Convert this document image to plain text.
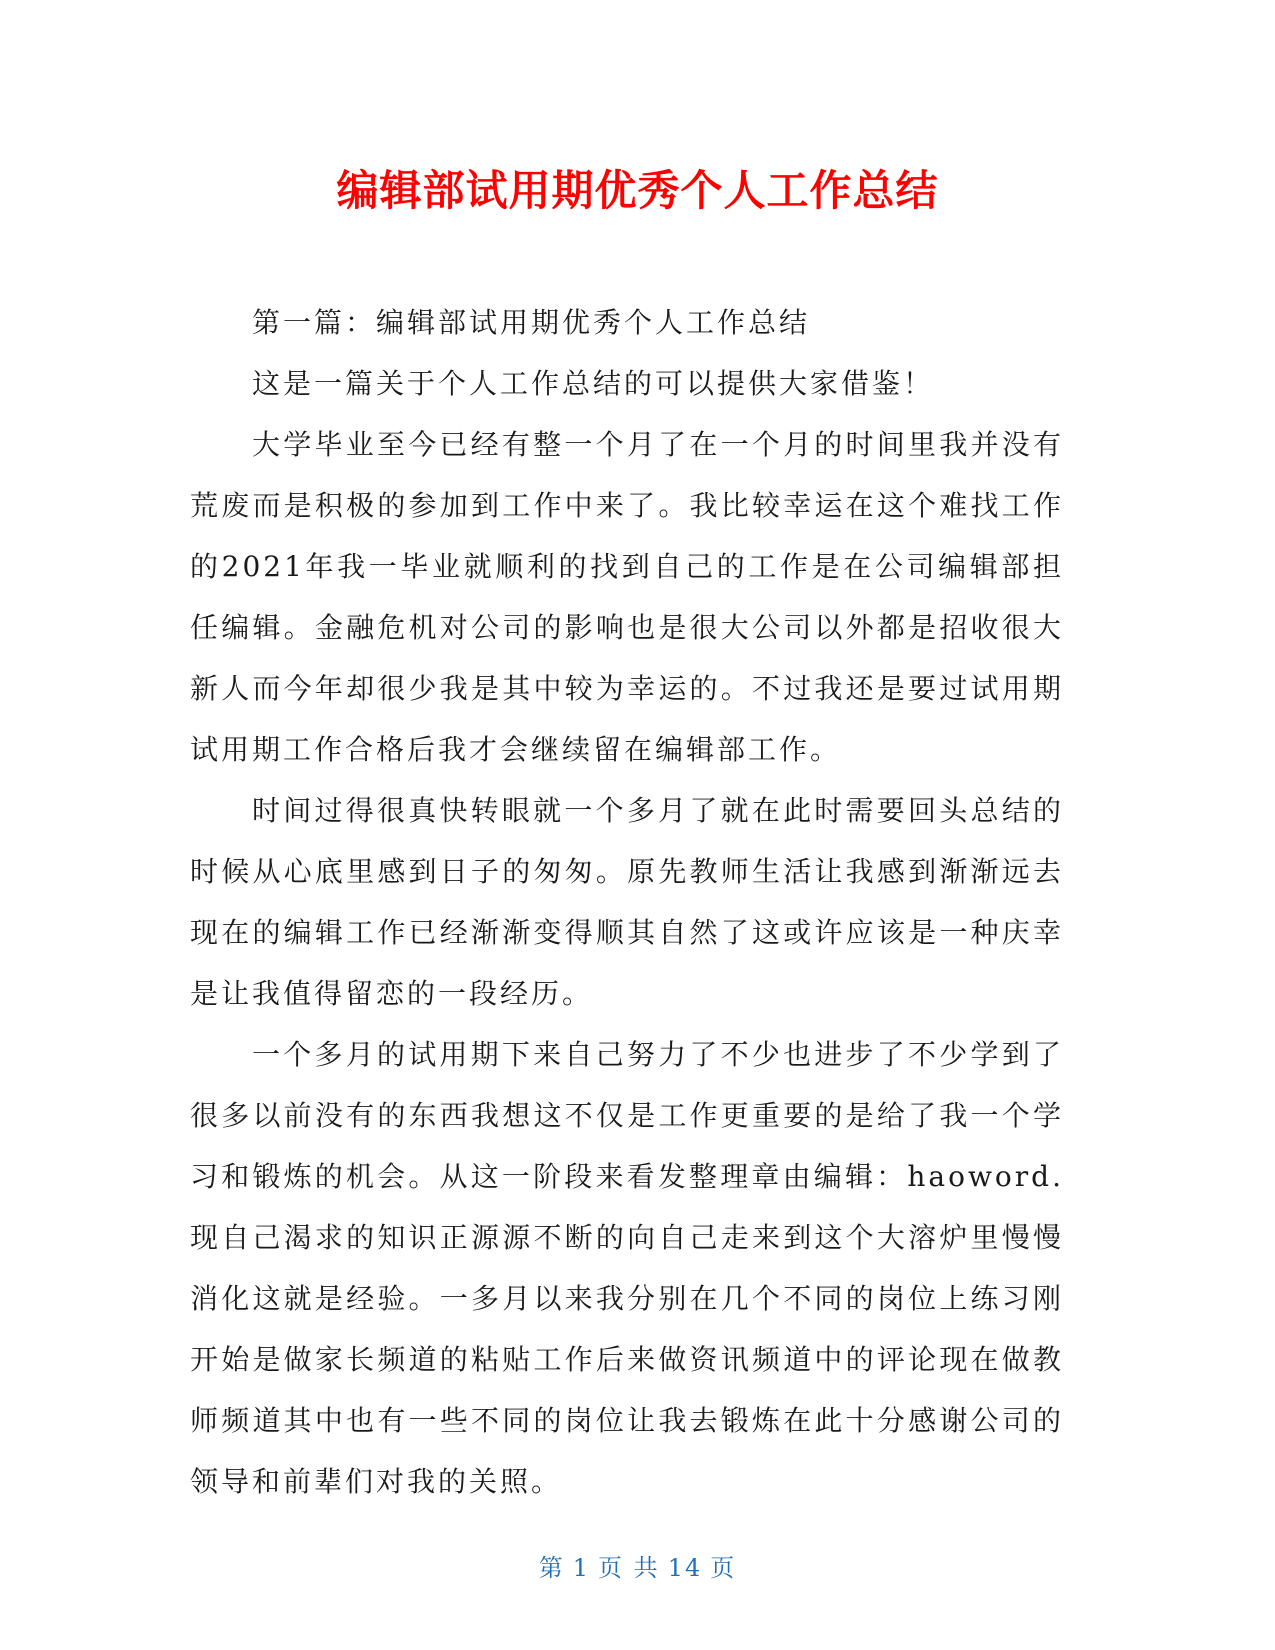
编辑部试用期优秀个人工作总结

第一篇：编辑部试用期优秀个人工作总结

这是一篇关于个人工作总结的可以提供大家借鉴！

大学毕业至今已经有整一个月了在一个月的时间里我并没有荒废而是积极的参加到工作中来了。我比较幸运在这个难找工作的2021年我一毕业就顺利的找到自己的工作是在公司编辑部担任编辑。金融危机对公司的影响也是很大公司以外都是招收很大新人而今年却很少我是其中较为幸运的。不过我还是要过试用期试用期工作合格后我才会继续留在编辑部工作。

时间过得很真快转眼就一个多月了就在此时需要回头总结的时候从心底里感到日子的匆匆。原先教师生活让我感到渐渐远去现在的编辑工作已经渐渐变得顺其自然了这或许应该是一种庆幸是让我值得留恋的一段经历。

一个多月的试用期下来自己努力了不少也进步了不少学到了很多以前没有的东西我想这不仅是工作更重要的是给了我一个学习和锻炼的机会。从这一阶段来看发整理章由编辑：haoword.现自己渴求的知识正源源不断的向自己走来到这个大溶炉里慢慢消化这就是经验。一多月以来我分别在几个不同的岗位上练习刚开始是做家长频道的粘贴工作后来做资讯频道中的评论现在做教师频道其中也有一些不同的岗位让我去锻炼在此十分感谢公司的领导和前辈们对我的关照。

第 1 页 共 14 页
